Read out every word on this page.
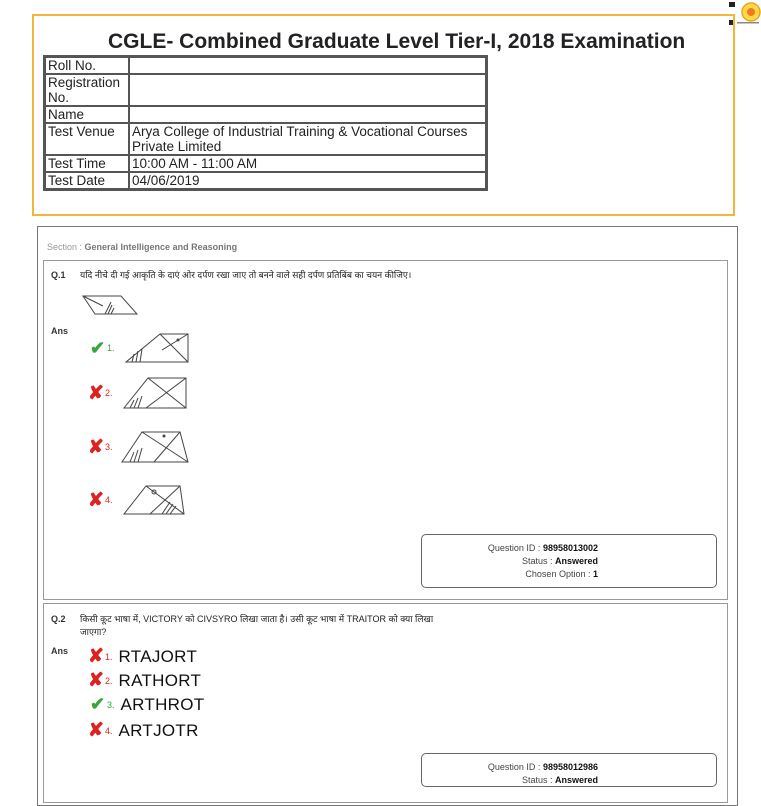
CGLE- Combined Graduate Level Tier-I, 2018 Examination
Roll No.	
Registration No.	
Name	
Test Venue	Arya College of Industrial Training & Vocational Courses Private Limited
Test Time	10:00 AM - 11:00 AM
Test Date	04/06/2019
Section : General Intelligence and Reasoning
Q.1 यदि नीचे दी गई आकृति के दाएं ओर दर्पण रखा जाए तो बनने वाले सही दर्पण प्रतिबिंब का चयन कीजिए।
Ans
✔ 1.
✘ 2.
✘ 3.
✘ 4.
Question ID : 98958013002
Status : Answered
Chosen Option : 1
Q.2 किसी कूट भाषा में, VICTORY को CIVSYRO लिखा जाता है। उसी कूट भाषा में TRAITOR को क्या लिखा
जाएगा?
Ans ✘ 1. RTAJORT
✘ 2. RATHORT
✔ 3. ARTHROT
✘ 4. ARTJOTR
Question ID : 98958012986
Status : Answered
